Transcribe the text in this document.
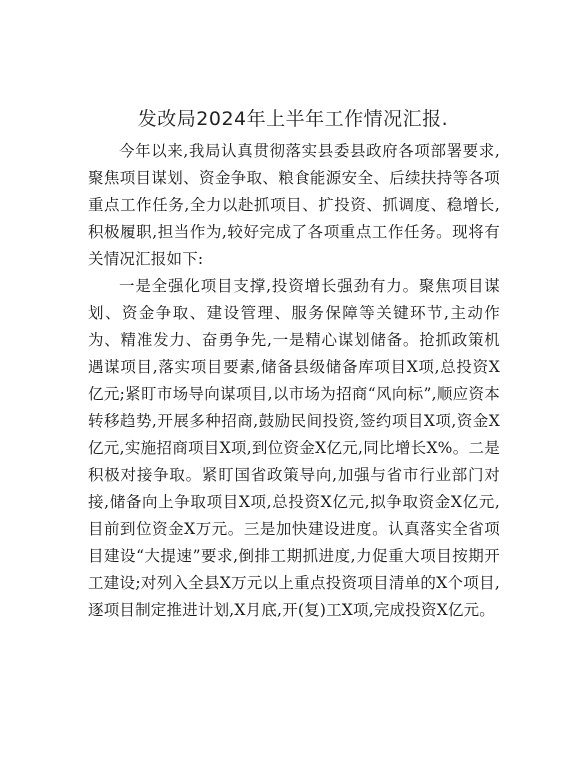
发改局2024年上半年工作情况汇报.

今年以来,我局认真贯彻落实县委县政府各项部署要求,聚焦项目谋划、资金争取、粮食能源安全、后续扶持等各项重点工作任务,全力以赴抓项目、扩投资、抓调度、稳增长,积极履职,担当作为,较好完成了各项重点工作任务。现将有关情况汇报如下:

一是全强化项目支撑,投资增长强劲有力。聚焦项目谋划、资金争取、建设管理、服务保障等关键环节,主动作为、精准发力、奋勇争先,一是精心谋划储备。抢抓政策机遇谋项目,落实项目要素,储备县级储备库项目X项,总投资X亿元;紧盯市场导向谋项目,以市场为招商“风向标”,顺应资本转移趋势,开展多种招商,鼓励民间投资,签约项目X项,资金X亿元,实施招商项目X项,到位资金X亿元,同比增长X%。二是积极对接争取。紧盯国省政策导向,加强与省市行业部门对接,储备向上争取项目X项,总投资X亿元,拟争取资金X亿元,目前到位资金X万元。三是加快建设进度。认真落实全省项目建设“大提速”要求,倒排工期抓进度,力促重大项目按期开工建设;对列入全县X万元以上重点投资项目清单的X个项目,逐项目制定推进计划,X月底,开(复)工X项,完成投资X亿元。
